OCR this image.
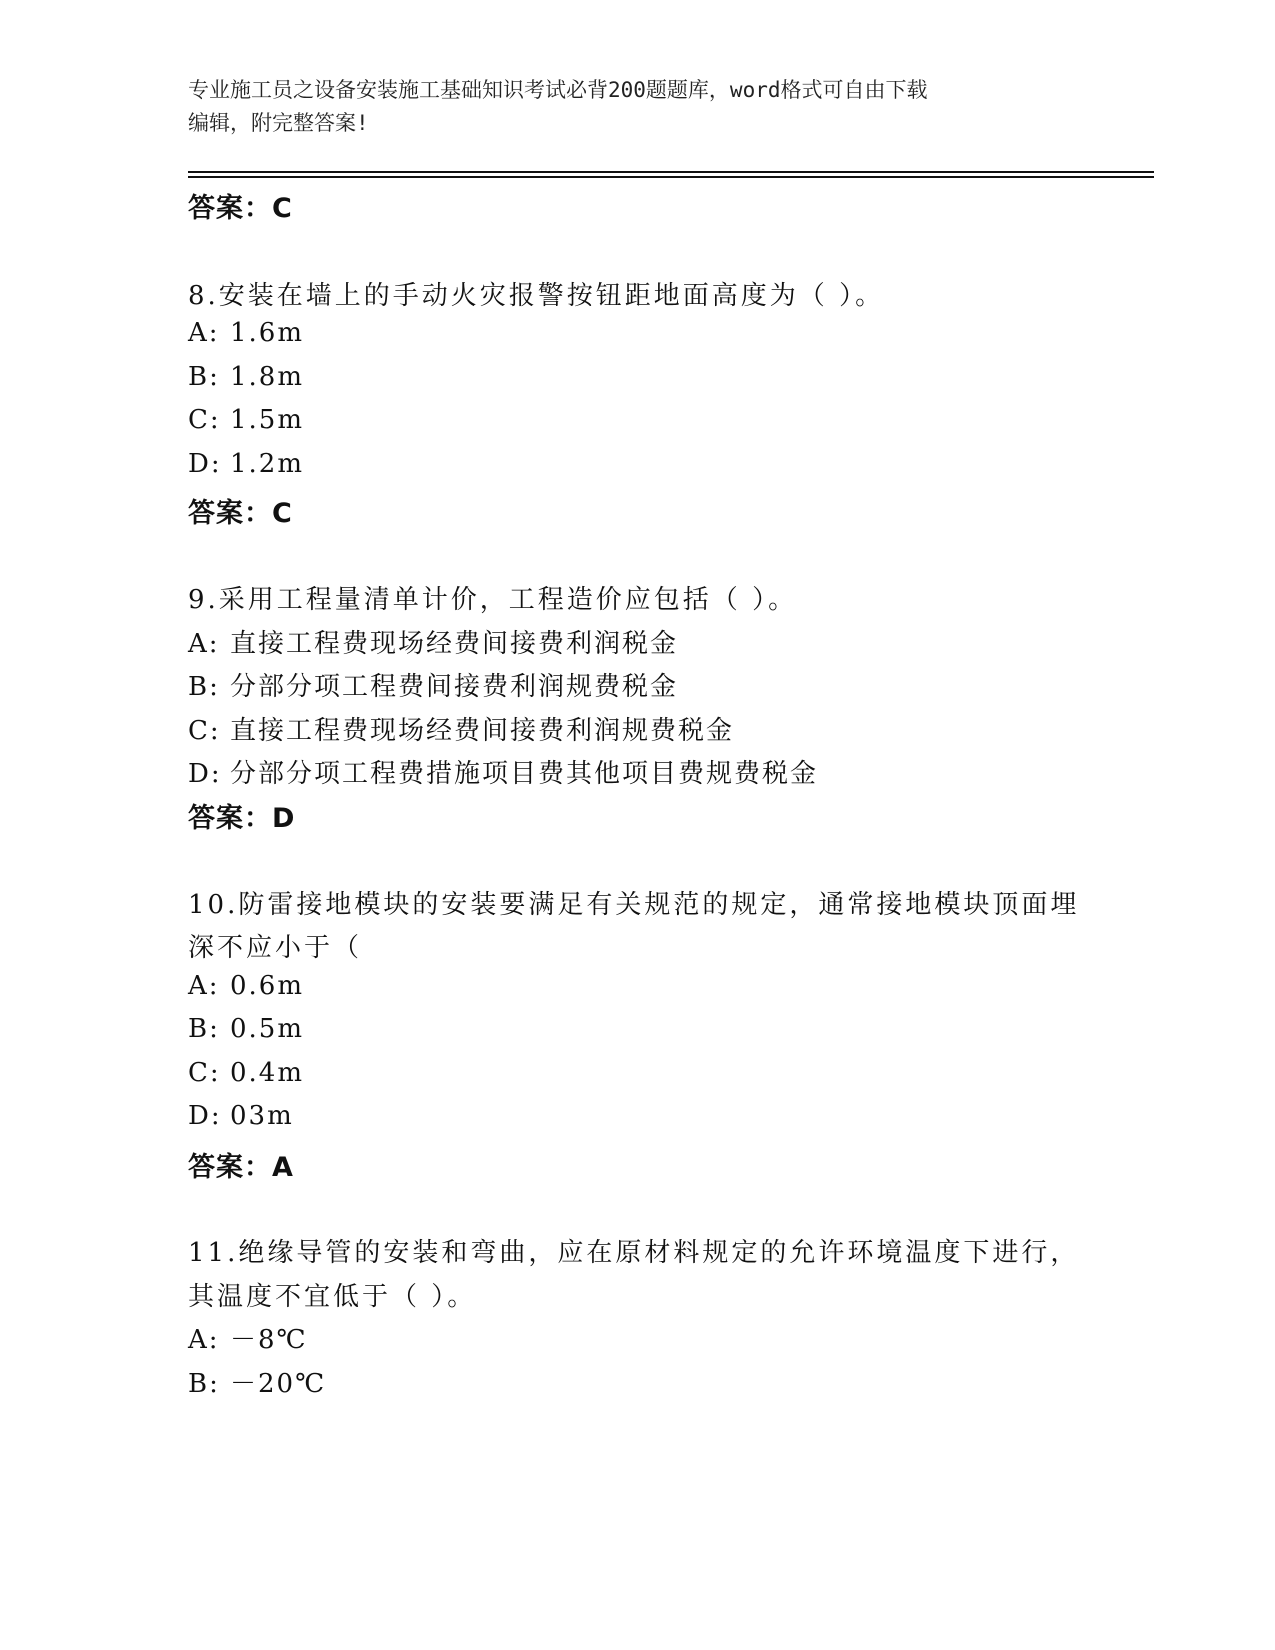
专业施工员之设备安装施工基础知识考试必背200题题库，word格式可自由下载
编辑，附完整答案!
答案：C
8.安装在墙上的手动火灾报警按钮距地面高度为（ ）。
A: 1.6m
B: 1.8m
C: 1.5m
D: 1.2m
答案：C
9.采用工程量清单计价，工程造价应包括（ ）。
A: 直接工程费现场经费间接费利润税金
B: 分部分项工程费间接费利润规费税金
C: 直接工程费现场经费间接费利润规费税金
D: 分部分项工程费措施项目费其他项目费规费税金
答案：D
10.防雷接地模块的安装要满足有关规范的规定，通常接地模块顶面埋
深不应小于（
A: 0.6m
B: 0.5m
C: 0.4m
D: 03m
答案：A
11.绝缘导管的安装和弯曲，应在原材料规定的允许环境温度下进行，
其温度不宜低于（ ）。
A: －8℃
B: －20℃
